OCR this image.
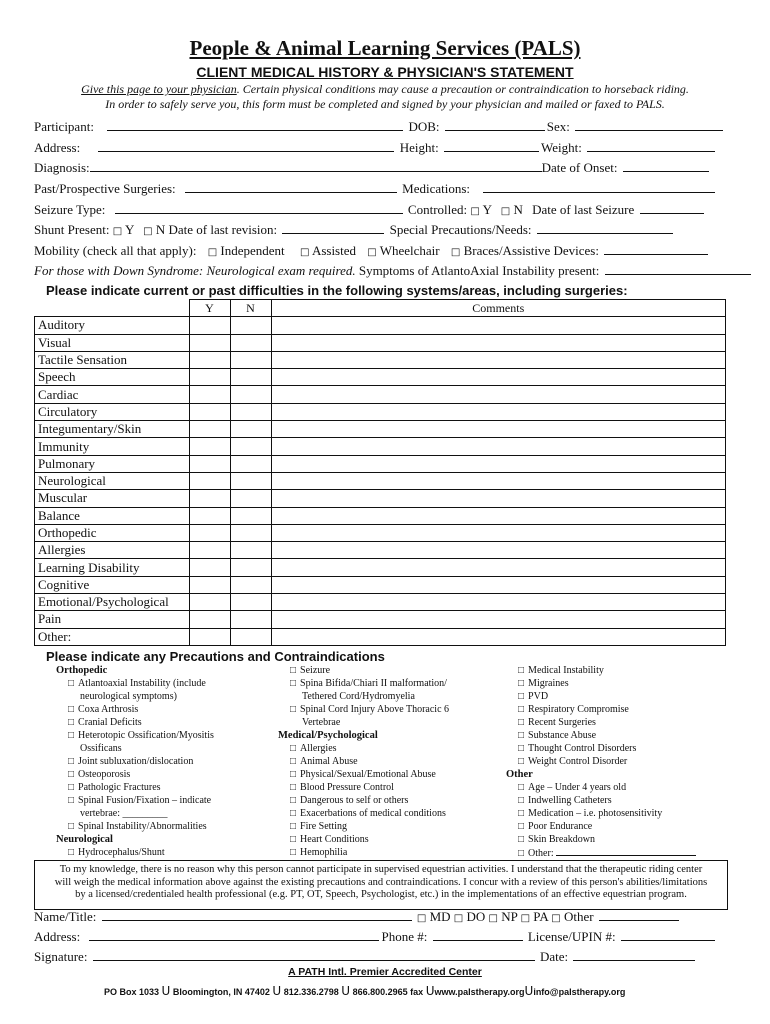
People & Animal Learning Services (PALS)
CLIENT MEDICAL HISTORY & PHYSICIAN'S STATEMENT
Give this page to your physician. Certain physical conditions may cause a precaution or contraindication to horseback riding.
In order to safely serve you, this form must be completed and signed by your physician and mailed or faxed to PALS.
Participant:	DOB:	Sex:
Address:	Height:	Weight:
Diagnosis:	Date of Onset:
Past/Prospective Surgeries:	Medications:
Seizure Type:	Controlled: □ Y □ N Date of last Seizure
Shunt Present: □ Y □ N Date of last revision:	Special Precautions/Needs:
Mobility (check all that apply): □ Independent □ Assisted □ Wheelchair □ Braces/Assistive Devices:
For those with Down Syndrome: Neurological exam required. Symptoms of AtlantoAxial Instability present:
Please indicate current or past difficulties in the following systems/areas, including surgeries:
	Y	N	Comments
Auditory			
Visual			
Tactile Sensation			
Speech			
Cardiac			
Circulatory			
Integumentary/Skin			
Immunity			
Pulmonary			
Neurological			
Muscular			
Balance			
Orthopedic			
Allergies			
Learning Disability			
Cognitive			
Emotional/Psychological			
Pain			
Other:			
Please indicate any Precautions and Contraindications
Orthopedic
□ Atlantoaxial Instability (include
neurological symptoms)
□ Coxa Arthrosis
□ Cranial Deficits
□ Heterotopic Ossification/Myositis
Ossificans
□ Joint subluxation/dislocation
□ Osteoporosis
□ Pathologic Fractures
□ Spinal Fusion/Fixation – indicate
vertebrae: _________
□ Spinal Instability/Abnormalities
Neurological
□ Hydrocephalus/Shunt
□ Seizure
□ Spina Bifida/Chiari II malformation/
Tethered Cord/Hydromyelia
□ Spinal Cord Injury Above Thoracic 6
Vertebrae
Medical/Psychological
□ Allergies
□ Animal Abuse
□ Physical/Sexual/Emotional Abuse
□ Blood Pressure Control
□ Dangerous to self or others
□ Exacerbations of medical conditions
□ Fire Setting
□ Heart Conditions
□ Hemophilia
□ Medical Instability
□ Migraines
□ PVD
□ Respiratory Compromise
□ Recent Surgeries
□ Substance Abuse
□ Thought Control Disorders
□ Weight Control Disorder
Other
□ Age – Under 4 years old
□ Indwelling Catheters
□ Medication – i.e. photosensitivity
□ Poor Endurance
□ Skin Breakdown
□ Other:
To my knowledge, there is no reason why this person cannot participate in supervised equestrian activities. I understand that the therapeutic riding center
will weigh the medical information above against the existing precautions and contraindications. I concur with a review of this person's abilities/limitations
by a licensed/credentialed health professional (e.g. PT, OT, Speech, Psychologist, etc.) in the implementations of an effective equestrian program.
Name/Title:	□ MD □ DO □ NP □ PA □ Other
Address:	Phone #:	License/UPIN #:
Signature:	Date:
A PATH Intl. Premier Accredited Center
PO Box 1033 Ս Bloomington, IN 47402 Ս 812.336.2798 Ս 866.800.2965 fax Սwww.palstherapy.orgՍinfo@palstherapy.org
